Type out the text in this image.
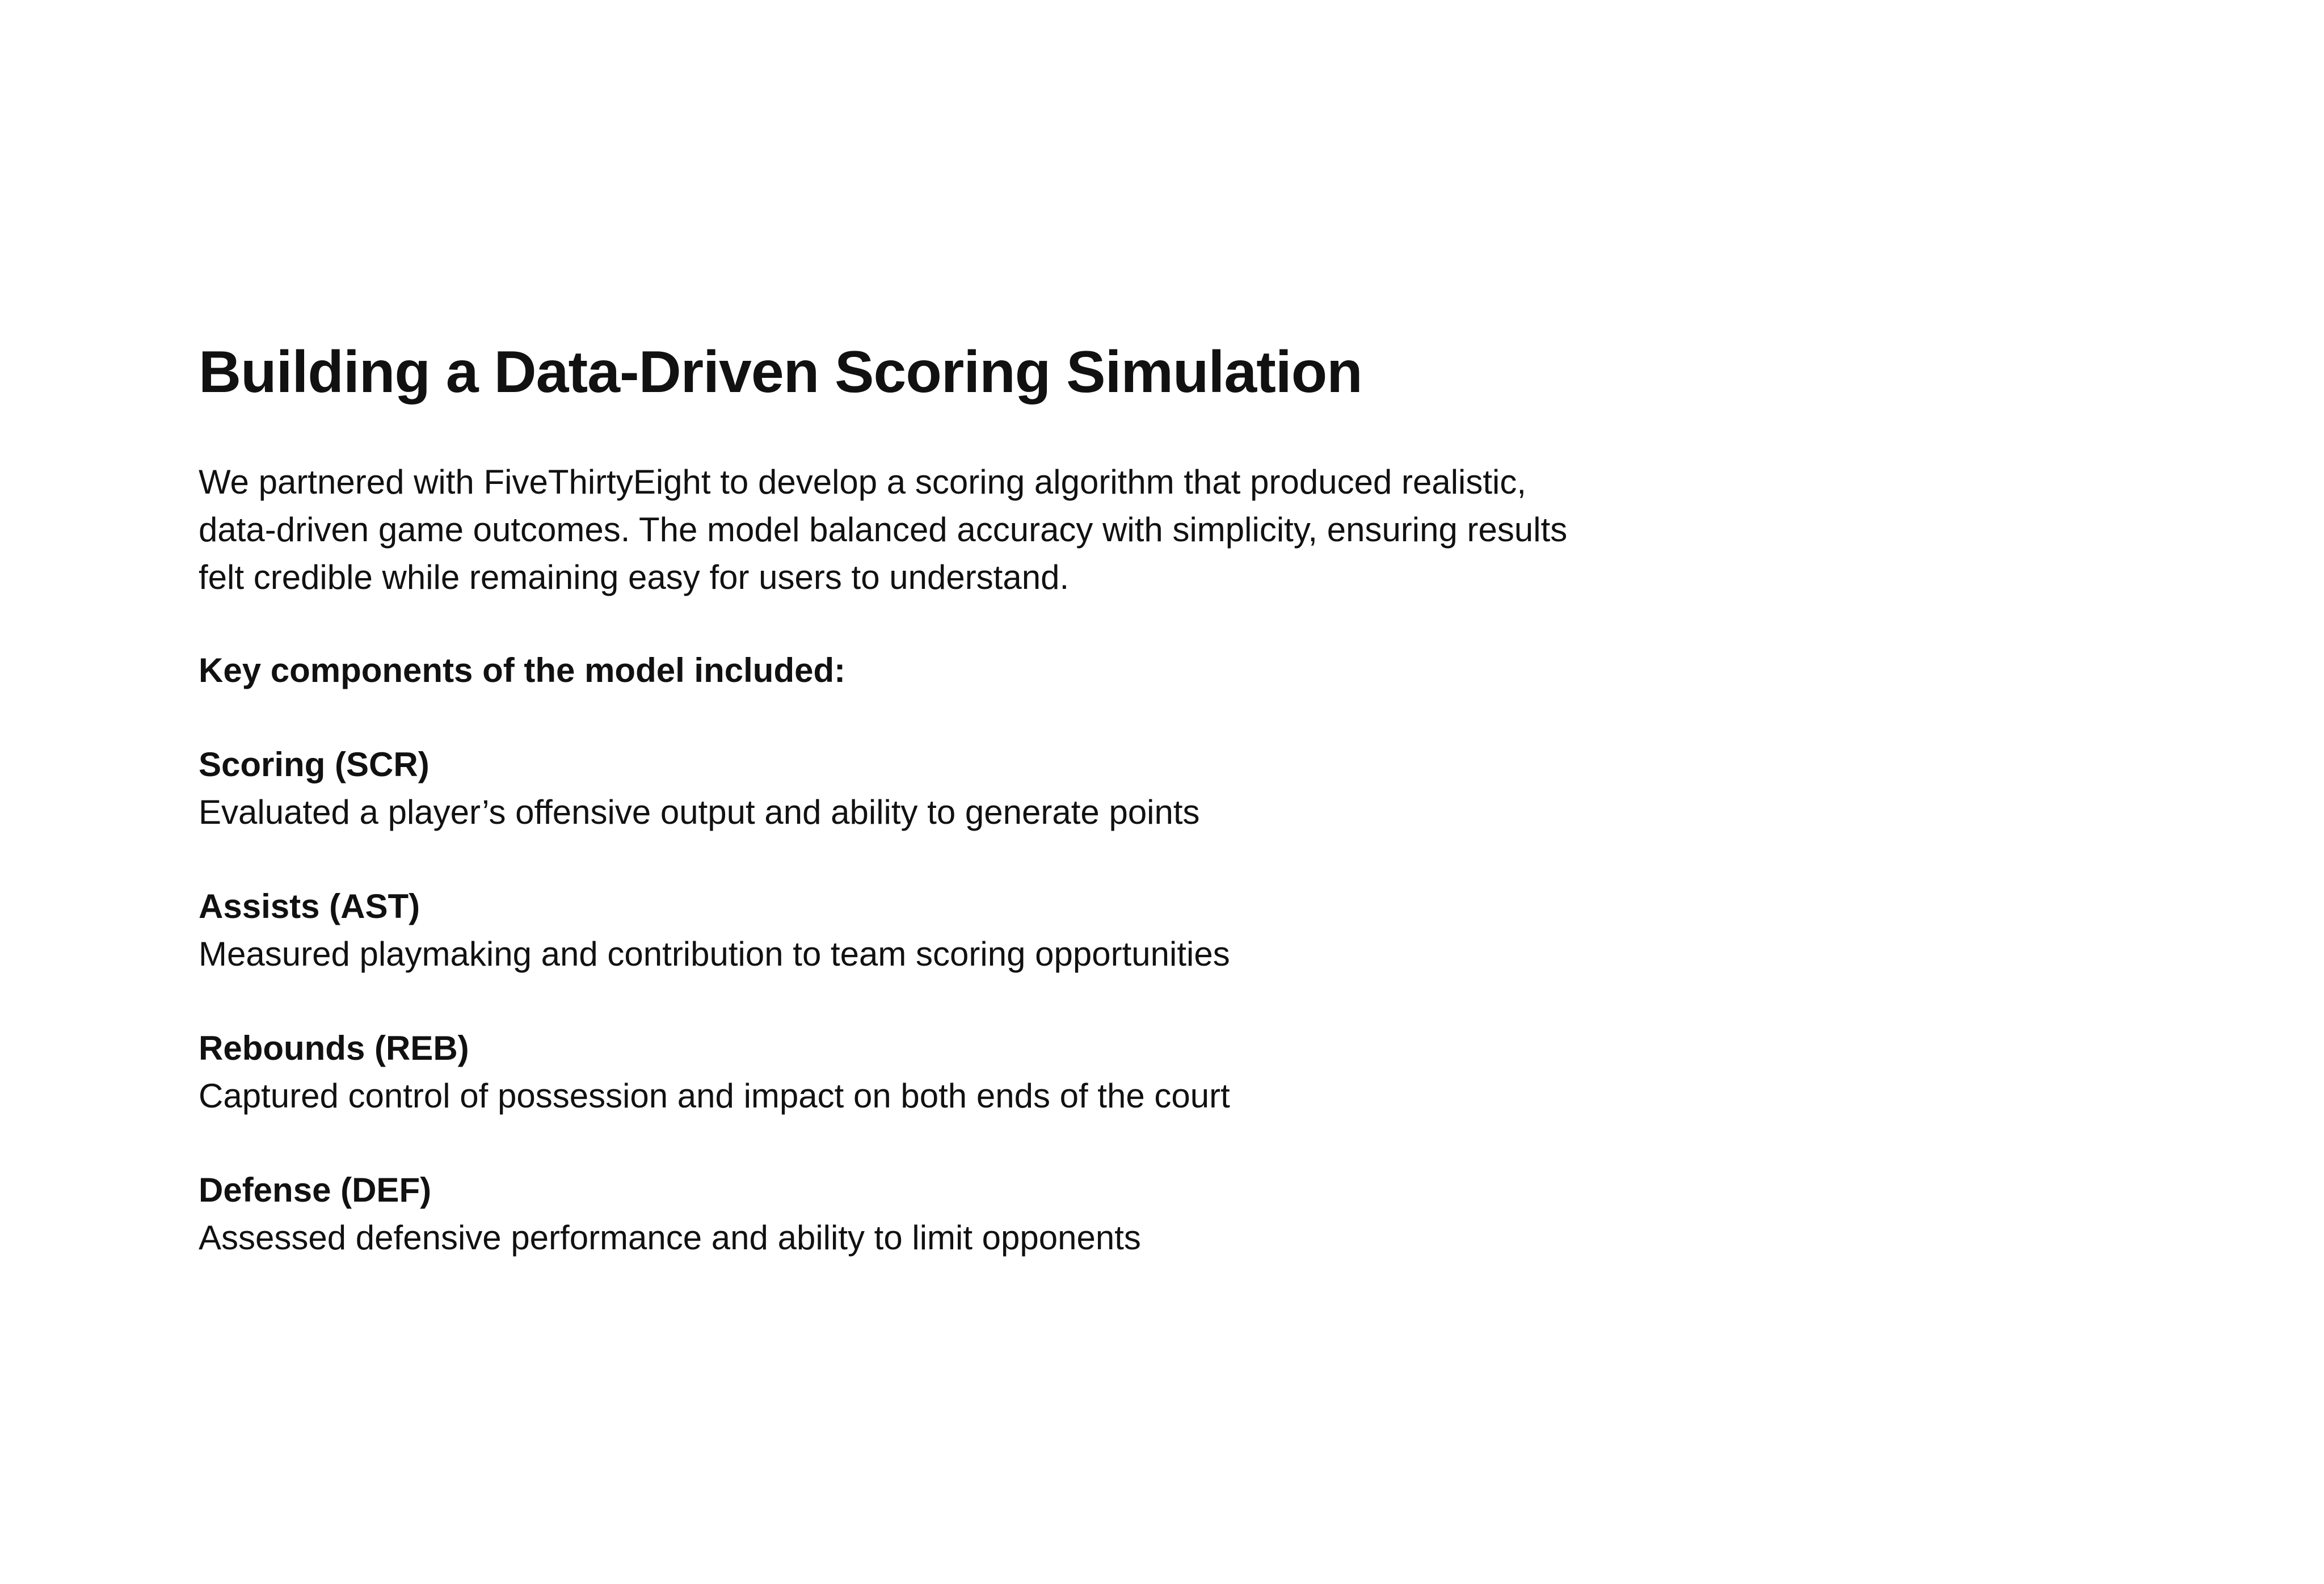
Building a Data-Driven Scoring Simulation

We partnered with FiveThirtyEight to develop a scoring algorithm that produced realistic,
data-driven game outcomes. The model balanced accuracy with simplicity, ensuring results
felt credible while remaining easy for users to understand.

Key components of the model included:
Scoring (SCR)

Evaluated a player’s offensive output and ability to generate points

Assists (AST)

Measured playmaking and contribution to team scoring opportunities

Rebounds (REB)

Captured control of possession and impact on both ends of the court

Defense (DEF)

Assessed defensive performance and ability to limit opponents
